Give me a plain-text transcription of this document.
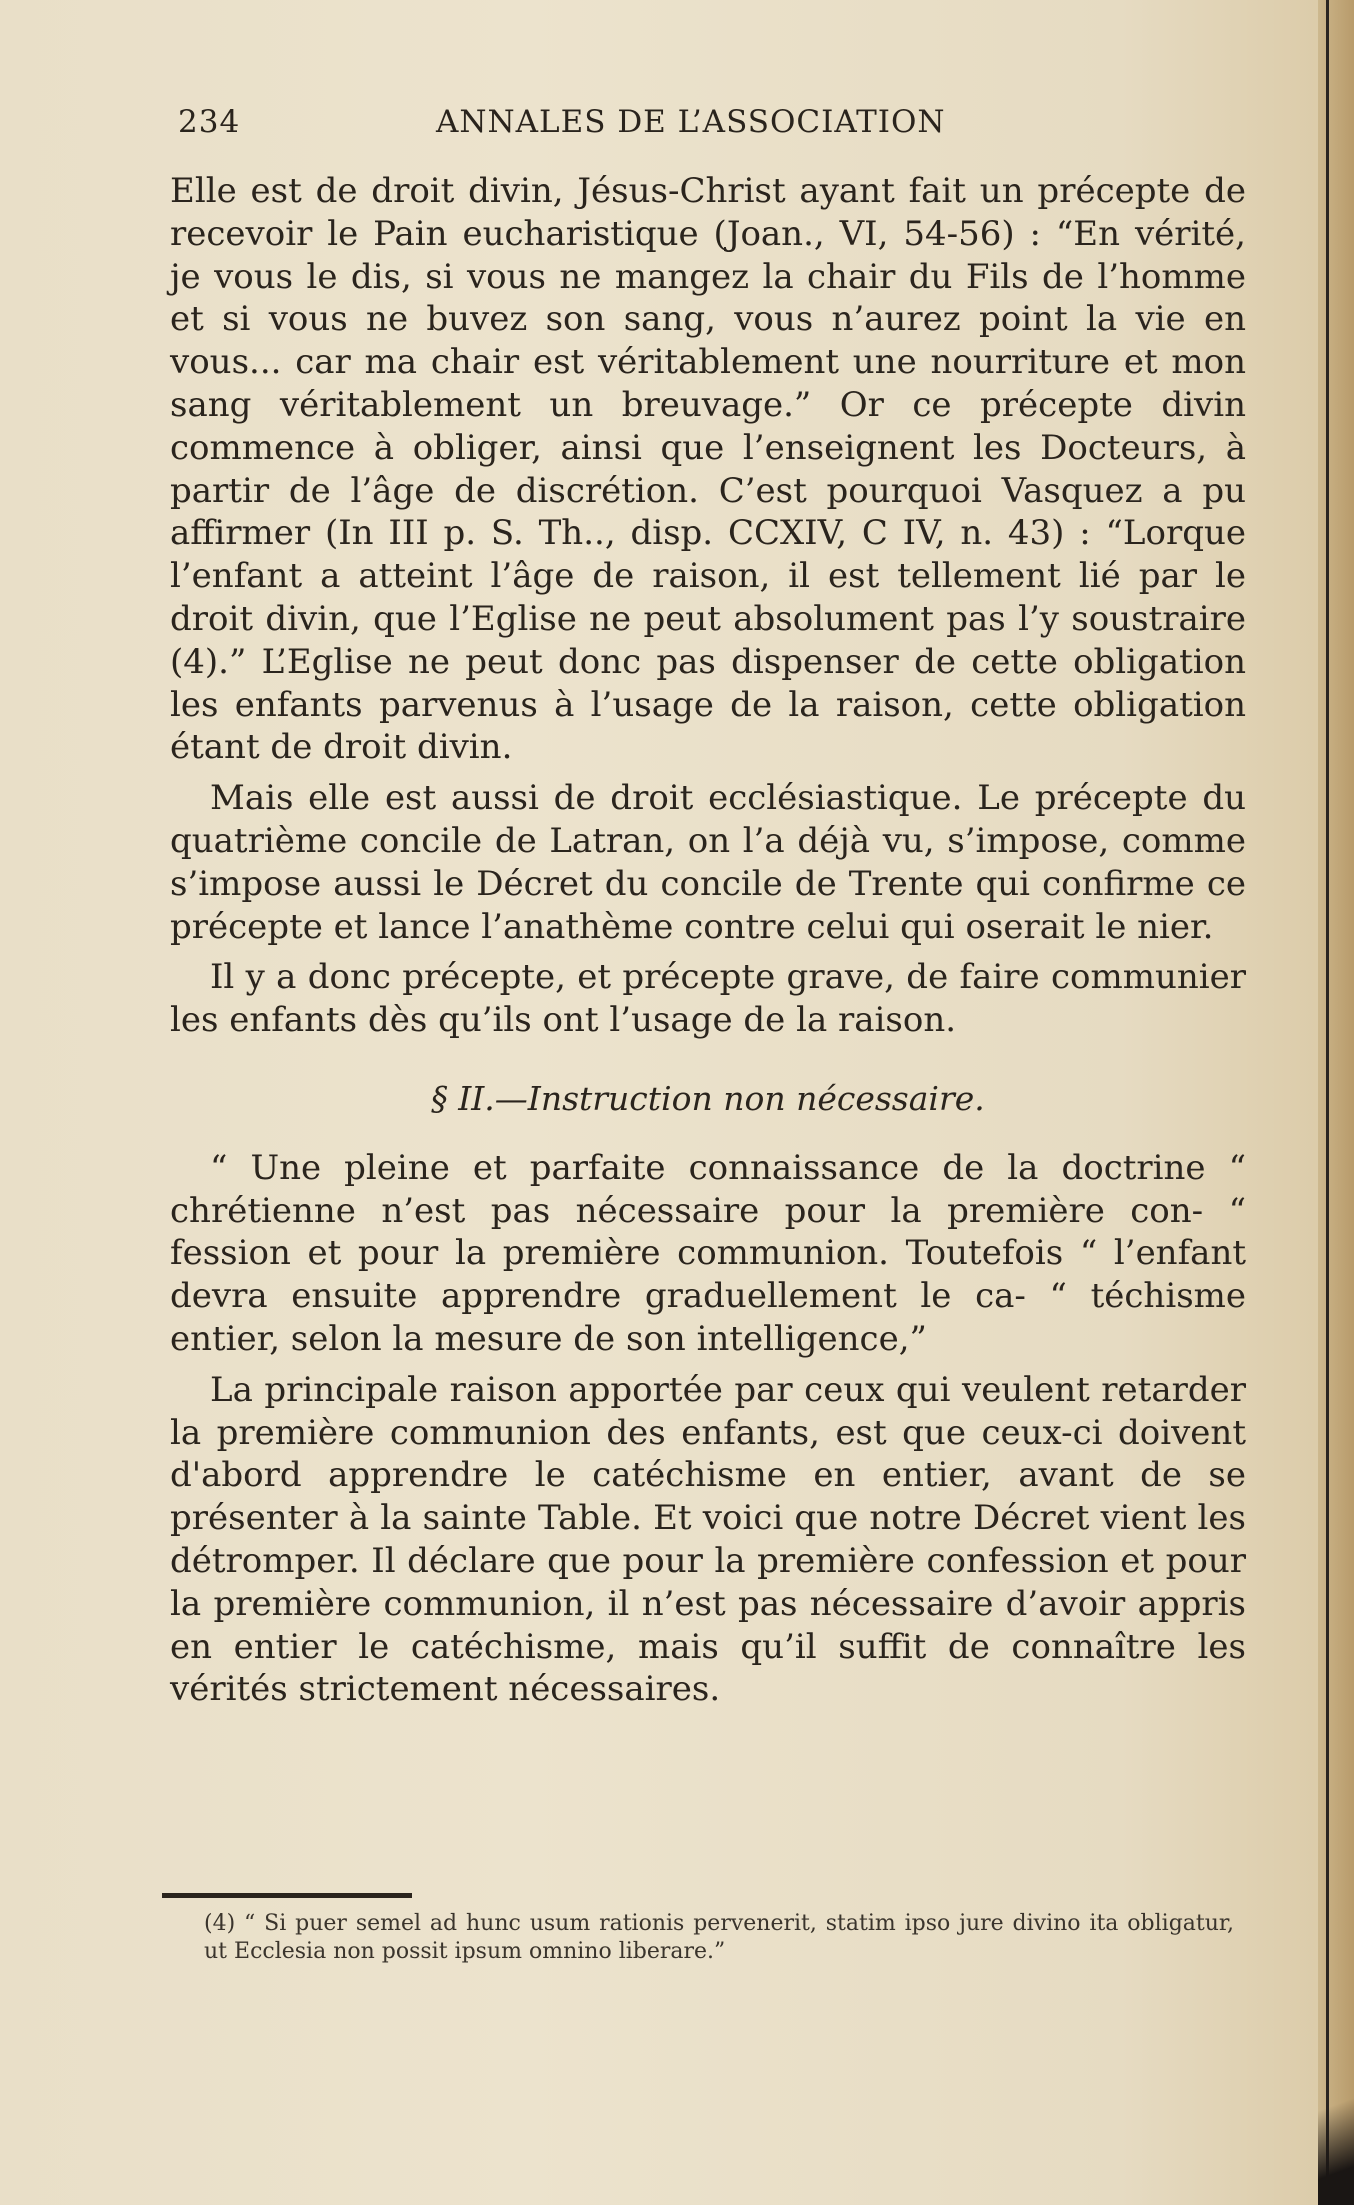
234	ANNALES DE L’ASSOCIATION

Elle est de droit divin, Jésus-Christ ayant fait un précepte de recevoir le Pain eucharistique (Joan., VI, 54-56) : “En vérité, je vous le dis, si vous ne mangez la chair du Fils de l’homme et si vous ne buvez son sang, vous n’aurez point la vie en vous... car ma chair est véritablement une nourriture et mon sang véritablement un breuvage.” Or ce précepte divin commence à obliger, ainsi que l’enseignent les Docteurs, à partir de l’âge de discrétion. C’est pourquoi Vasquez a pu affirmer (In III p. S. Th.., disp. CCXIV, C IV, n. 43) : “Lorque l’enfant a atteint l’âge de raison, il est tellement lié par le droit divin, que l’Eglise ne peut absolument pas l’y soustraire (4).” L’Eglise ne peut donc pas dispenser de cette obligation les enfants parvenus à l’usage de la raison, cette obligation étant de droit divin.

Mais elle est aussi de droit ecclésiastique. Le précepte du quatrième concile de Latran, on l’a déjà vu, s’impose, comme s’impose aussi le Décret du concile de Trente qui confirme ce précepte et lance l’anathème contre celui qui oserait le nier.

Il y a donc précepte, et précepte grave, de faire communier les enfants dès qu’ils ont l’usage de la raison.

§ II.—Instruction non nécessaire.

“ Une pleine et parfaite connaissance de la doctrine “ chrétienne n’est pas nécessaire pour la première con- “ fession et pour la première communion. Toutefois “ l’enfant devra ensuite apprendre graduellement le ca- “ téchisme entier, selon la mesure de son intelligence,”

La principale raison apportée par ceux qui veulent retarder la première communion des enfants, est que ceux-ci doivent d'abord apprendre le catéchisme en entier, avant de se présenter à la sainte Table. Et voici que notre Décret vient les détromper. Il déclare que pour la première confession et pour la première communion, il n’est pas nécessaire d’avoir appris en entier le catéchisme, mais qu’il suffit de connaître les vérités strictement nécessaires.

(4) “ Si puer semel ad hunc usum rationis pervenerit, statim ipso jure divino ita obligatur, ut Ecclesia non possit ipsum omnino liberare.”
